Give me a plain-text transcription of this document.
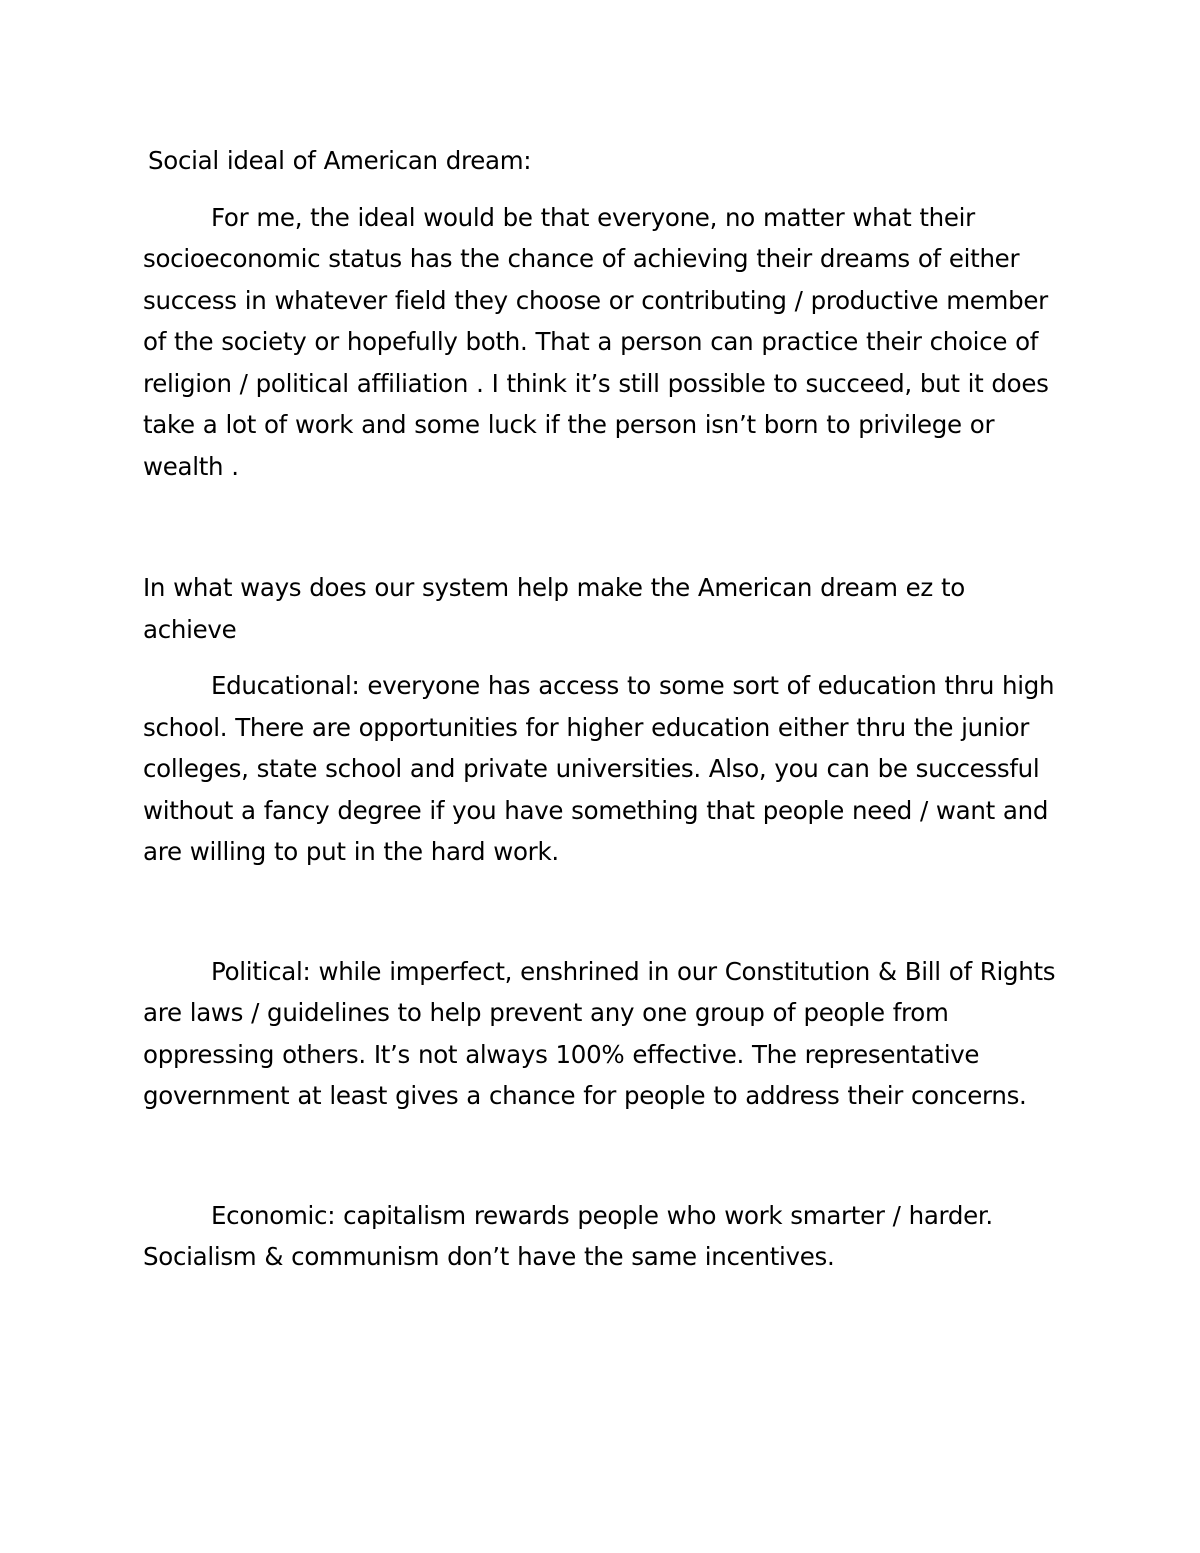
Social ideal of American dream:

For me, the ideal would be that everyone, no matter what their socioeconomic status has the chance of achieving their dreams of either success in whatever field they choose or contributing / productive member of the society or hopefully both. That a person can practice their choice of religion / political affiliation . I think it’s still possible to succeed, but it does take a lot of work and some luck if the person isn’t born to privilege or wealth .

In what ways does our system help make the American dream ez to achieve

Educational: everyone has access to some sort of education thru high school. There are opportunities for higher education either thru the junior colleges, state school and private universities. Also, you can be successful without a fancy degree if you have something that people need / want and are willing to put in the hard work.

Political: while imperfect, enshrined in our Constitution & Bill of Rights are laws / guidelines to help prevent any one group of people from oppressing others. It’s not always 100% effective. The representative government at least gives a chance for people to address their concerns.

Economic: capitalism rewards people who work smarter / harder. Socialism & communism don’t have the same incentives.
